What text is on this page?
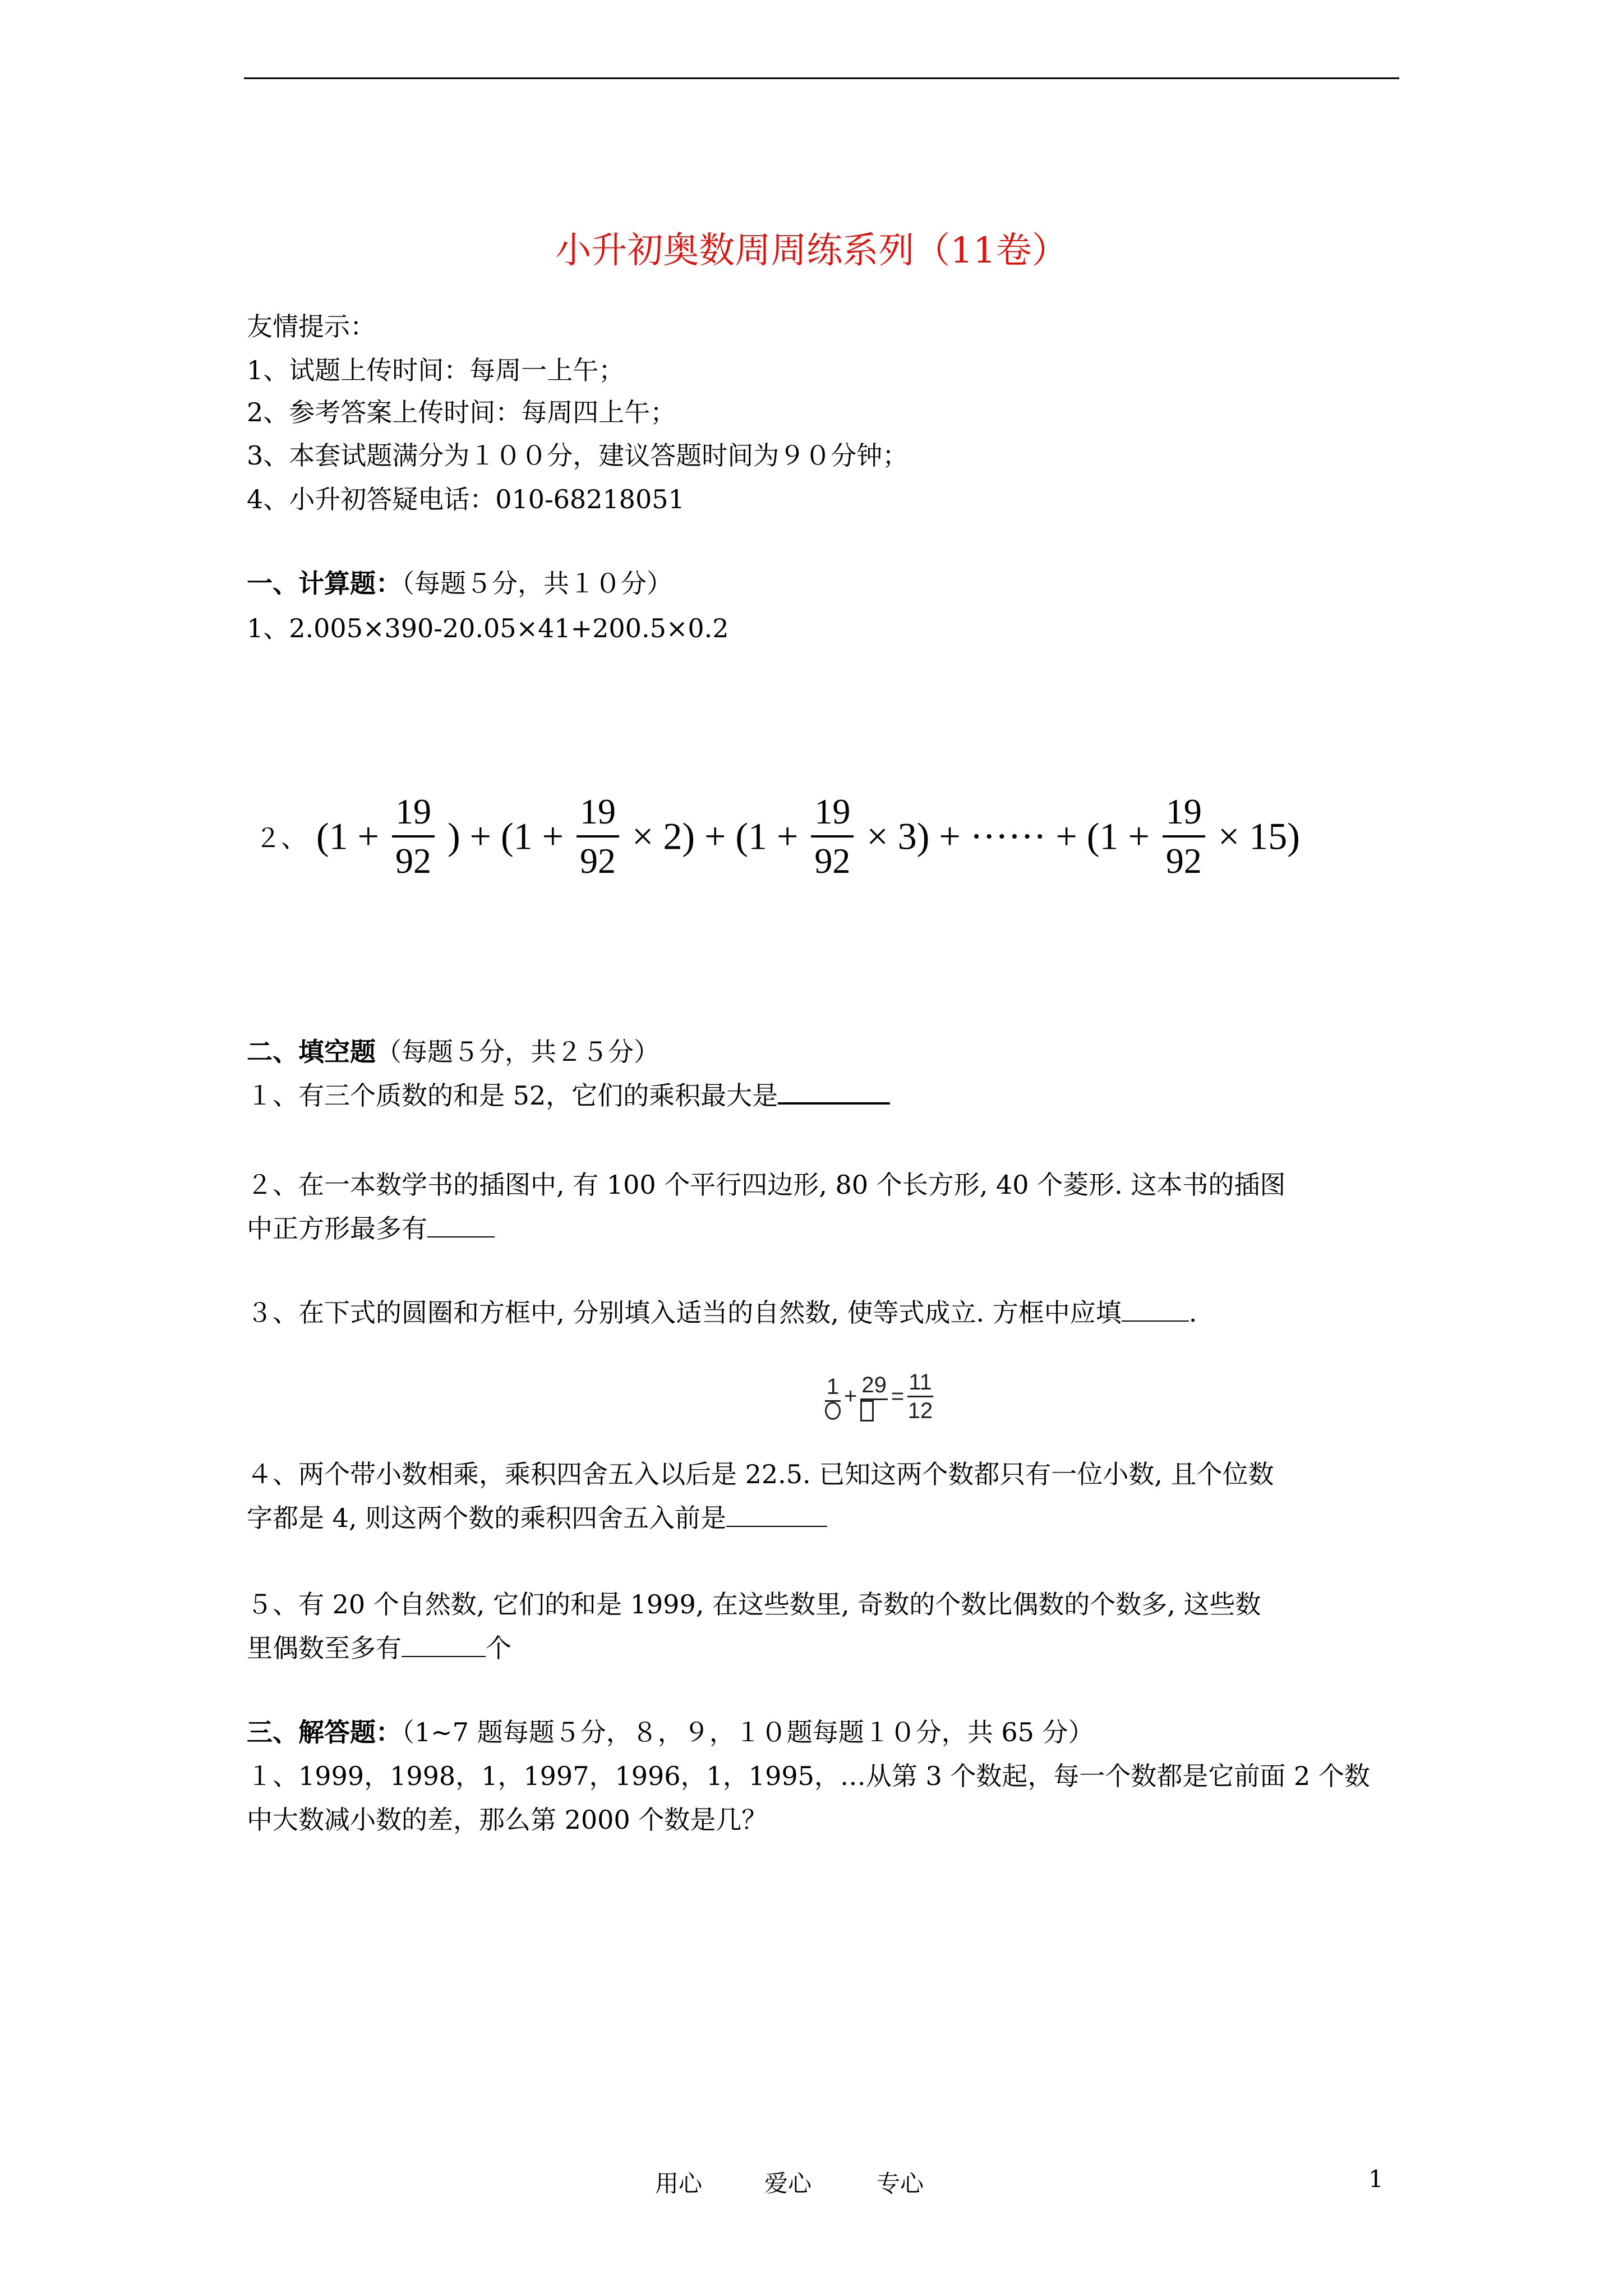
小升初奥数周周练系列（11卷）
友情提示：
1、试题上传时间：每周一上午；
2、参考答案上传时间：每周四上午；
3、本套试题满分为１００分，建议答题时间为９０分钟；
4、小升初答疑电话：010-68218051
一、计算题：（每题５分，共１０分）
1、2.005×390-20.05×41+200.5×0.2
２、 ($1 + \frac{19}{92}$ ) + $(1 + \frac{19}{92} \times 2) + (1 + \frac{19}{92} \times 3)$ + ······ + $(1 + \frac{19}{92} \times 15)$
二、填空题（每题５分，共２５分）
１、有三个质数的和是 52，它们的乘积最大是
２、在一本数学书的插图中, 有 100 个平行四边形, 80 个长方形, 40 个菱形. 这本书的插图
中正方形最多有
３、在下式的圆圈和方框中, 分别填入适当的自然数, 使等式成立. 方框中应填	.
$1 + 29 = \frac{11}{12}$
４、两个带小数相乘，乘积四舍五入以后是 22.5. 已知这两个数都只有一位小数, 且个位数
字都是 4, 则这两个数的乘积四舍五入前是
５、有 20 个自然数, 它们的和是 1999, 在这些数里, 奇数的个数比偶数的个数多, 这些数
里偶数至多有	个
三、解答题：（1~7 题每题５分，８，９，１０题每题１０分，共 65 分）
１、1999，1998，1，1997，1996，1，1995，…从第 3 个数起，每一个数都是它前面 2 个数
中大数减小数的差，那么第 2000 个数是几？
用心	爱心	专心	1
